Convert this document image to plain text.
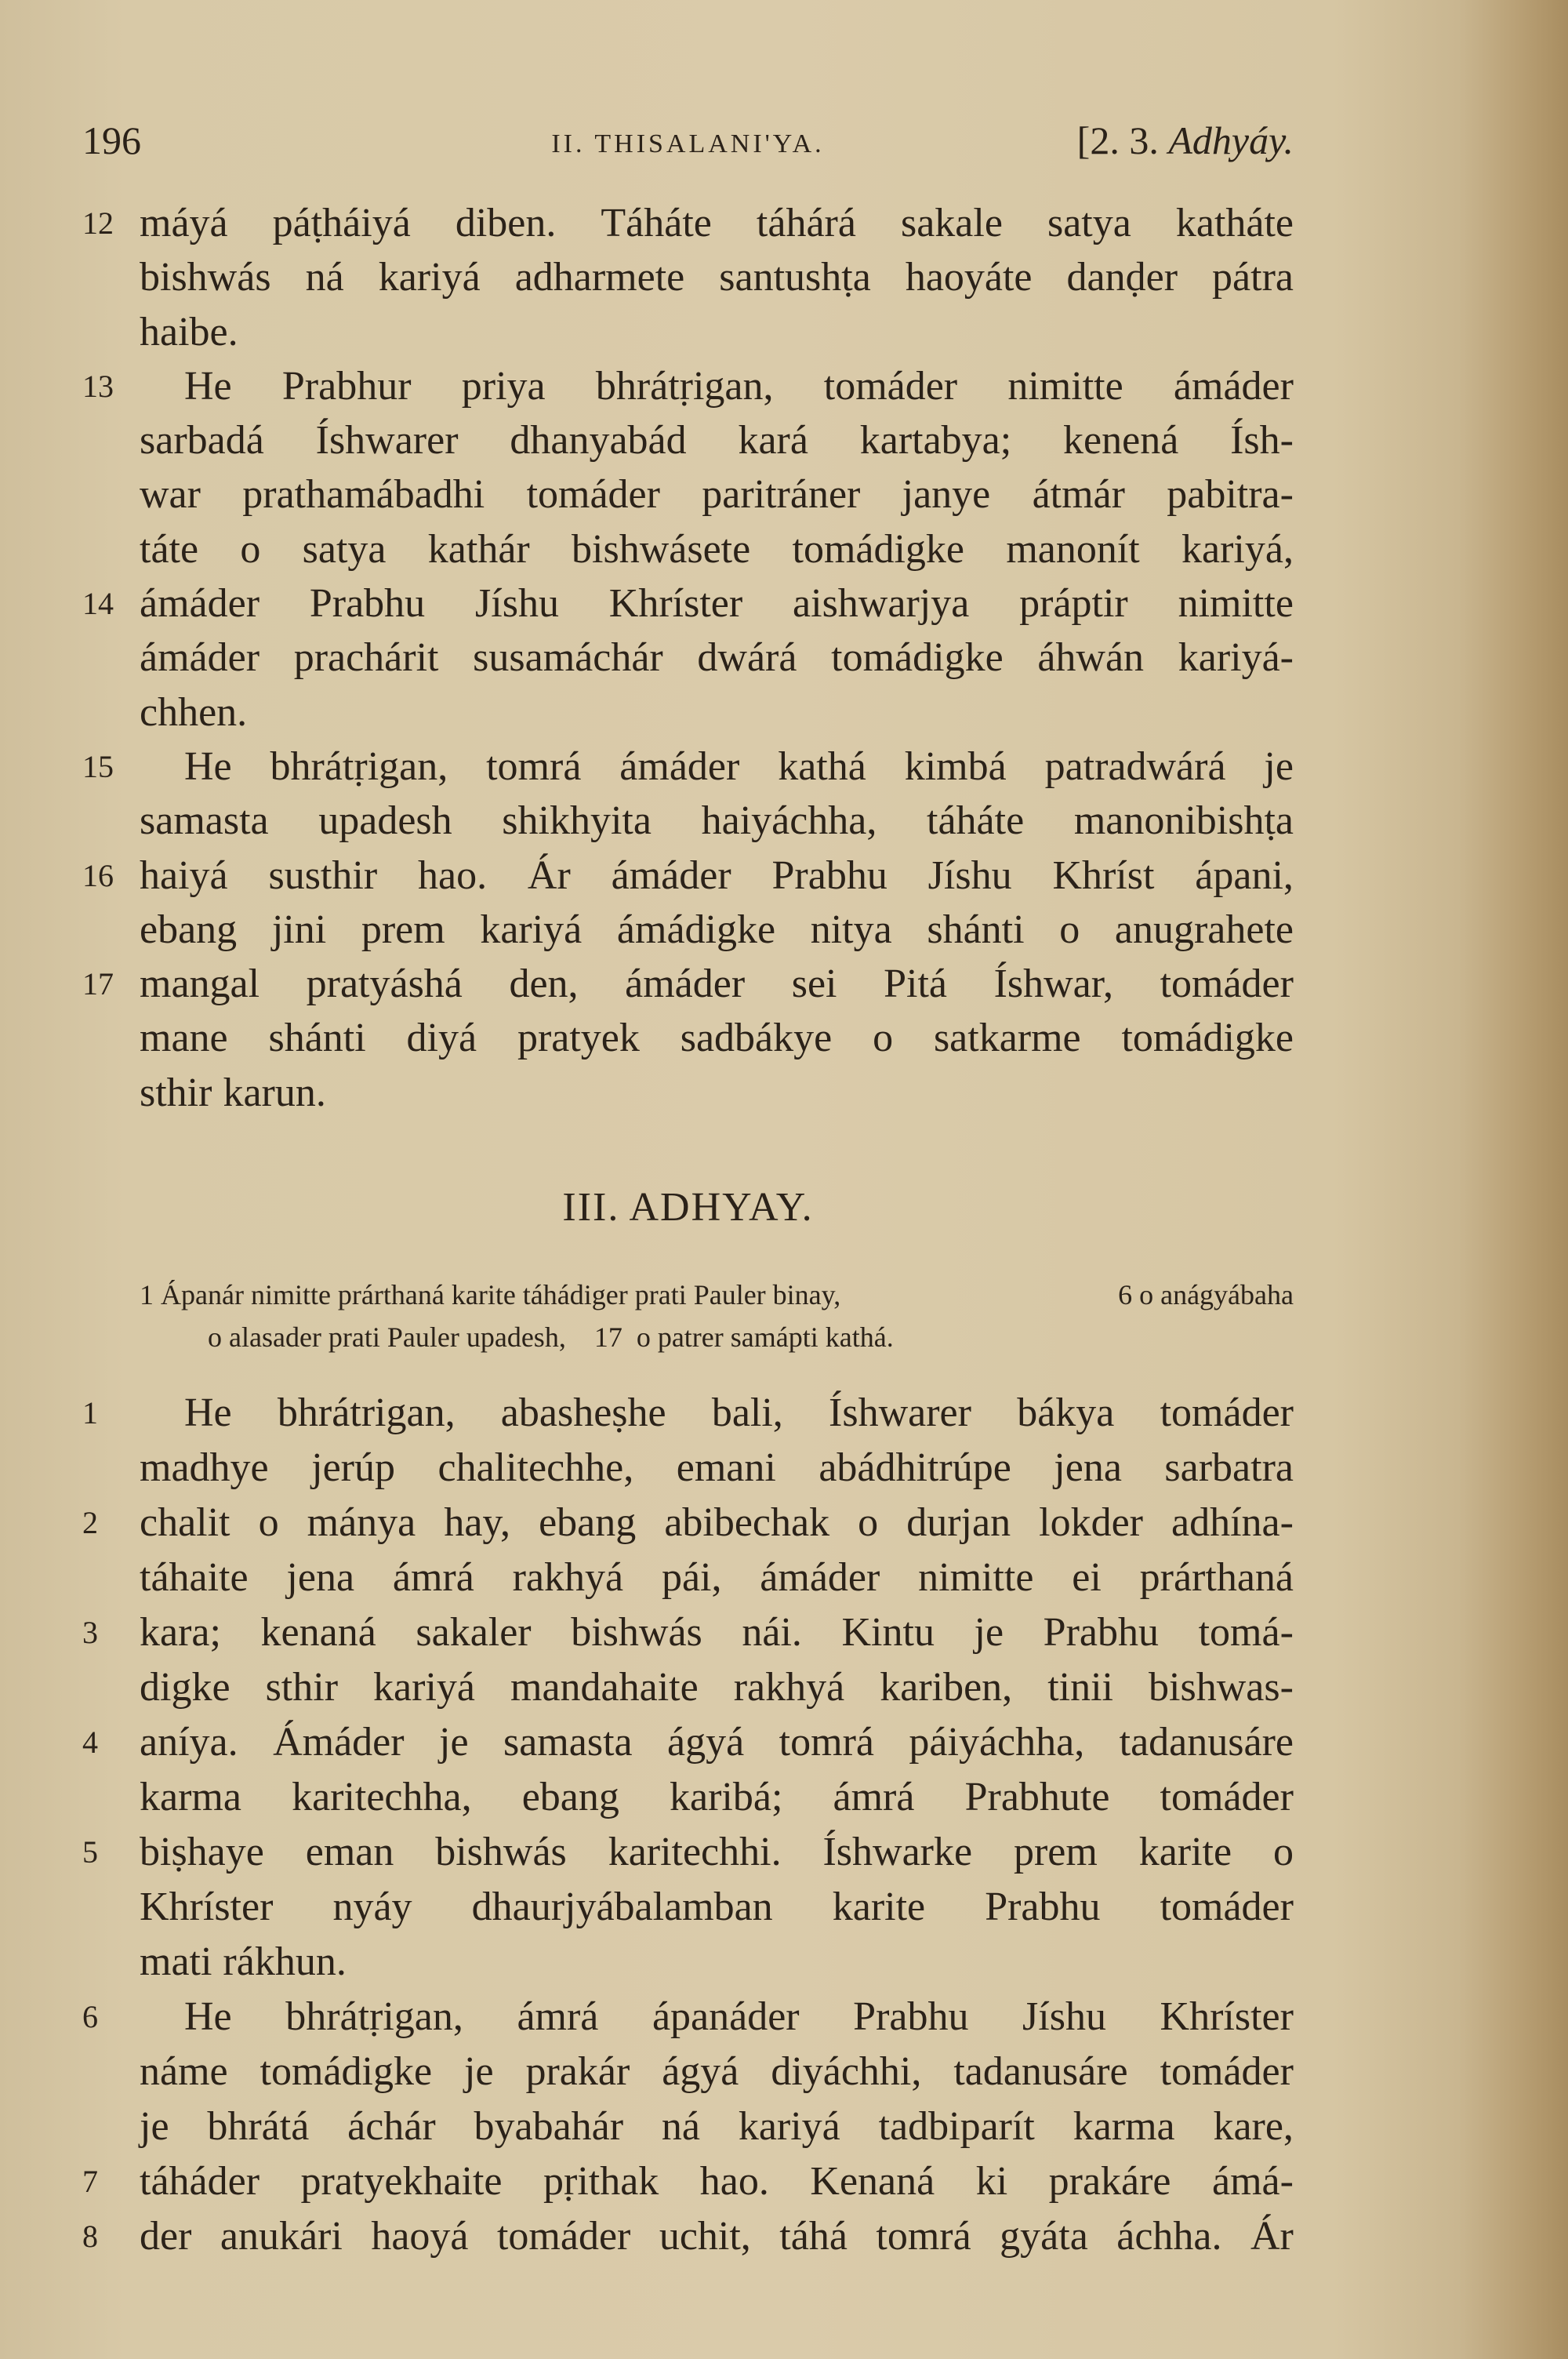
196	II. THISALANI'YA.	[2. 3. Adhyáy.
12 máyá páṭháiyá diben. Táháte táhárá sakale satya katháte
bishwás ná kariyá adharmete santushṭa haoyáte danḍer pátra
haibe.
13	He Prabhur priya bhrátṛigan, tomáder nimitte ámáder
sarbadá Íshwarer dhanyabád kará kartabya; kenená Ísh-
war prathamábadhi tomáder paritráner janye átmár pabitra-
táte o satya kathár bishwásete tomádigke manonít kariyá,
14 ámáder Prabhu Jíshu Khríster aishwarjya práptir nimitte
ámáder prachárit susamáchár dwárá tomádigke áhwán kariyá-
chhen.
15	He bhrátṛigan, tomrá ámáder kathá kimbá patradwárá je
samasta upadesh shikhyita haiyáchha, táháte manonibishṭa
16 haiyá susthir hao. Ár ámáder Prabhu Jíshu Khríst ápani,
ebang jini prem kariyá ámádigke nitya shánti o anugrahete
17 mangal pratyáshá den, ámáder sei Pitá Íshwar, tomáder
mane shánti diyá pratyek sadbákye o satkarme tomádigke
sthir karun.
III. ADHYAY.
1 Ápanár nimitte prárthaná karite táhádiger prati Pauler binay,	6 o anágyábaha
o alasader prati Pauler upadesh,    17  o patrer samápti kathá.
1	He bhrátrigan, abasheṣhe bali, Íshwarer bákya tomáder
madhye jerúp chalitechhe, emani abádhitrúpe jena sarbatra
2	chalit o mánya hay, ebang abibechak o durjan lokder adhína-
táhaite jena ámrá rakhyá pái, ámáder nimitte ei prárthaná
3	kara; kenaná sakaler bishwás nái. Kintu je Prabhu tomá-
digke sthir kariyá mandahaite rakhyá kariben, tinii bishwas-
4	aníya. Ámáder je samasta ágyá tomrá páiyáchha, tadanusáre
karma karitechha, ebang karibá; ámrá Prabhute tomáder
5	biṣhaye eman bishwás karitechhi. Íshwarke prem karite o
Khríster nyáy dhaurjyábalamban karite Prabhu tomáder
mati rákhun.
6	He bhrátṛigan, ámrá ápanáder Prabhu Jíshu Khríster
náme tomádigke je prakár ágyá diyáchhi, tadanusáre tomáder
je bhrátá áchár byabahár ná kariyá tadbiparít karma kare,
7	táháder pratyekhaite pṛithak hao. Kenaná ki prakáre ámá-
8	der anukári haoyá tomáder uchit, táhá tomrá gyáta áchha. Ár
